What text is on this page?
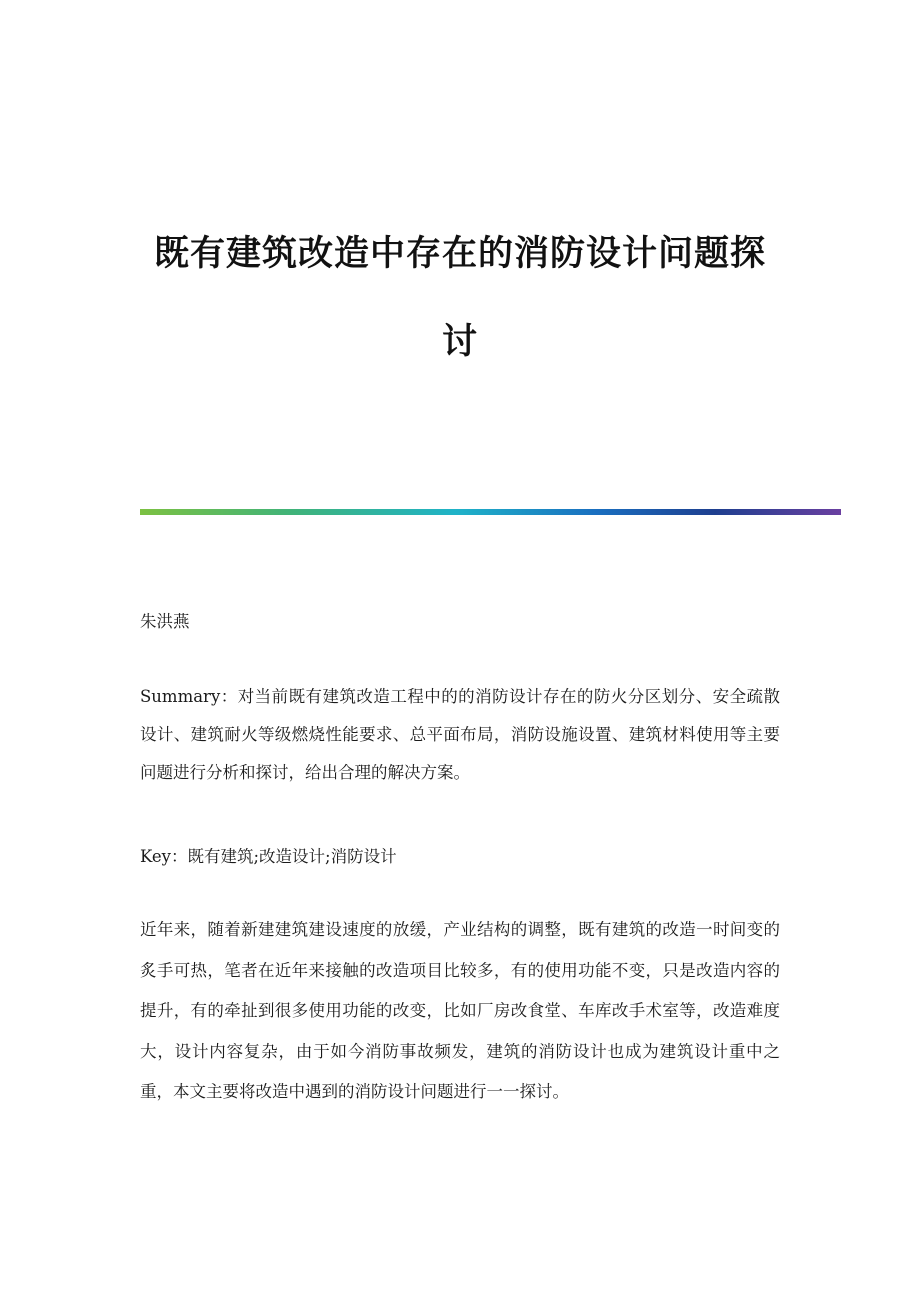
既有建筑改造中存在的消防设计问题探讨

朱洪燕

Summary：对当前既有建筑改造工程中的的消防设计存在的防火分区划分、安全疏散设计、建筑耐火等级燃烧性能要求、总平面布局，消防设施设置、建筑材料使用等主要问题进行分析和探讨，给出合理的解决方案。

Key：既有建筑;改造设计;消防设计

近年来，随着新建建筑建设速度的放缓，产业结构的调整，既有建筑的改造一时间变的炙手可热，笔者在近年来接触的改造项目比较多，有的使用功能不变，只是改造内容的提升，有的牵扯到很多使用功能的改变，比如厂房改食堂、车库改手术室等，改造难度大，设计内容复杂，由于如今消防事故频发，建筑的消防设计也成为建筑设计重中之重，本文主要将改造中遇到的消防设计问题进行一一探讨。
